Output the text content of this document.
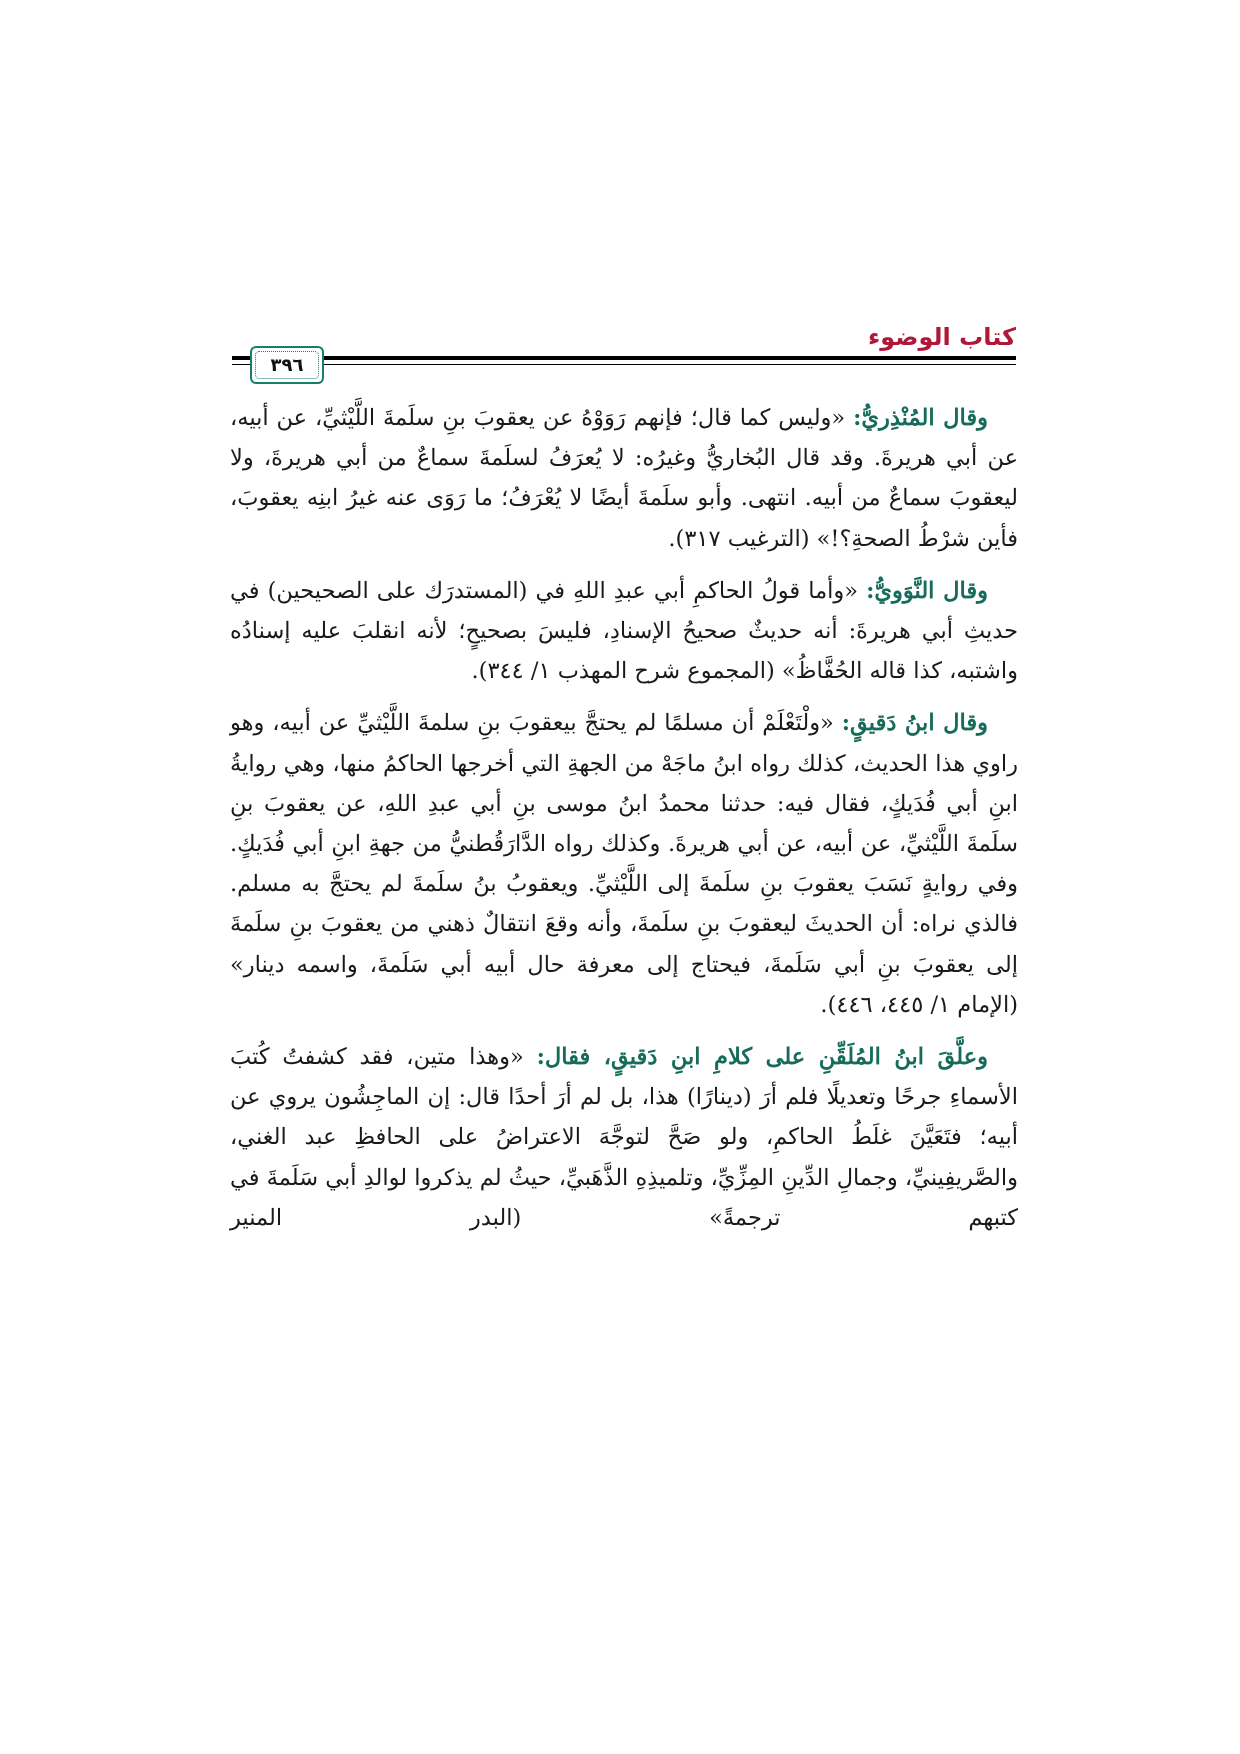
كتاب الوضوء
٣٩٦

وقال المُنْذِريُّ: «وليس كما قال؛ فإنهم رَوَوْهُ عن يعقوبَ بنِ سلَمةَ اللَّيْثيِّ، عن أبيه، عن أبي هريرةَ. وقد قال البُخاريُّ وغيرُه: لا يُعرَفُ لسلَمةَ سماعٌ من أبي هريرةَ، ولا ليعقوبَ سماعٌ من أبيه. انتهى. وأبو سلَمةَ أيضًا لا يُعْرَفُ؛ ما رَوَى عنه غيرُ ابنِه يعقوبَ، فأين شرْطُ الصحةِ؟!» (الترغيب ٣١٧).

وقال النَّوَويُّ: «وأما قولُ الحاكمِ أبي عبدِ اللهِ في (المستدرَك على الصحيحين) في حديثِ أبي هريرةَ: أنه حديثٌ صحيحُ الإسنادِ، فليسَ بصحيحٍ؛ لأنه انقلبَ عليه إسنادُه واشتبه، كذا قاله الحُفَّاظُ» (المجموع شرح المهذب ١/ ٣٤٤).

وقال ابنُ دَقيقٍ: «ولْتَعْلَمْ أن مسلمًا لم يحتجَّ بيعقوبَ بنِ سلمةَ اللَّيْثيِّ عن أبيه، وهو راوي هذا الحديث، كذلك رواه ابنُ ماجَهْ من الجهةِ التي أخرجها الحاكمُ منها، وهي روايةُ ابنِ أبي فُدَيكٍ، فقال فيه: حدثنا محمدُ ابنُ موسى بنِ أبي عبدِ اللهِ، عن يعقوبَ بنِ سلَمةَ اللَّيْثيِّ، عن أبيه، عن أبي هريرةَ. وكذلك رواه الدَّارَقُطنيُّ من جهةِ ابنِ أبي فُدَيكٍ. وفي روايةٍ نَسَبَ يعقوبَ بنِ سلَمةَ إلى اللَّيْثيِّ. ويعقوبُ بنُ سلَمةَ لم يحتجَّ به مسلم. فالذي نراه: أن الحديثَ ليعقوبَ بنِ سلَمةَ، وأنه وقعَ انتقالٌ ذهني من يعقوبَ بنِ سلَمةَ إلى يعقوبَ بنِ أبي سَلَمةَ، فيحتاج إلى معرفة حال أبيه أبي سَلَمةَ، واسمه دينار» (الإمام ١/ ٤٤٥، ٤٤٦).

وعلَّقَ ابنُ المُلَقِّنِ على كلامِ ابنِ دَقيقٍ، فقال: «وهذا متين، فقد كشفتُ كُتبَ الأسماءِ جرحًا وتعديلًا فلم أرَ (دينارًا) هذا، بل لم أرَ أحدًا قال: إن الماجِشُون يروي عن أبيه؛ فتَعَيَّنَ غلَطُ الحاكمِ، ولو صَحَّ لتوجَّهَ الاعتراضُ على الحافظِ عبد الغني، والصَّريفِينيِّ، وجمالِ الدِّينِ المِزِّيِّ، وتلميذِهِ الذَّهَبيِّ، حيثُ لم يذكروا لوالدِ أبي سَلَمةَ في كتبهم ترجمةً» (البدر المنير
